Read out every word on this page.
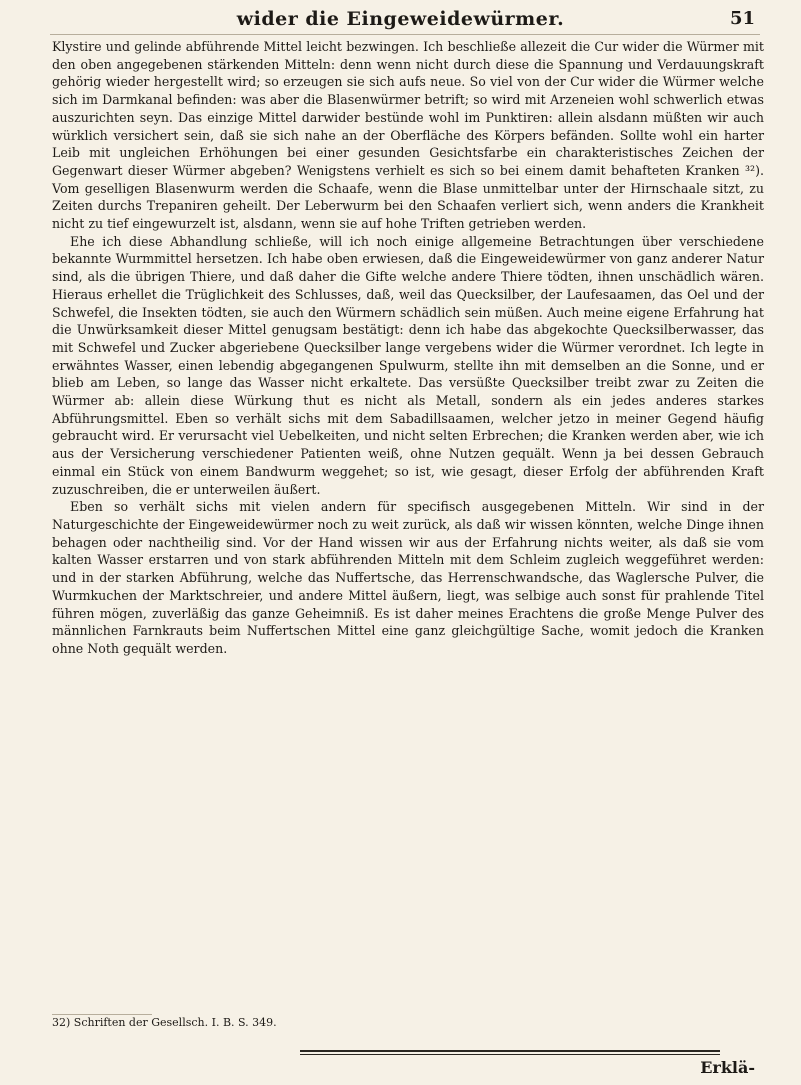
wider die Eingeweidewürmer.	51

Klystire und gelinde abführende Mittel leicht bezwingen. Ich beschließe allezeit die Cur wider die Würmer mit den oben angegebenen stärkenden Mitteln: denn wenn nicht durch diese die Spannung und Verdauungskraft gehörig wieder hergestellt wird; so erzeugen sie sich aufs neue. So viel von der Cur wider die Würmer welche sich im Darmkanal befinden: was aber die Blasenwürmer betrift; so wird mit Arzeneien wohl schwerlich etwas auszurichten seyn. Das einzige Mittel darwider bestünde wohl im Punktiren: allein alsdann müßten wir auch würklich versichert sein, daß sie sich nahe an der Oberfläche des Körpers befänden. Sollte wohl ein harter Leib mit ungleichen Erhöhungen bei einer gesunden Gesichtsfarbe ein charakteristisches Zeichen der Gegenwart dieser Würmer abgeben? Wenigstens verhielt es sich so bei einem damit behafteten Kranken ³²). Vom geselligen Blasenwurm werden die Schaafe, wenn die Blase unmittelbar unter der Hirnschaale sitzt, zu Zeiten durchs Trepaniren geheilt. Der Leberwurm bei den Schaafen verliert sich, wenn anders die Krankheit nicht zu tief eingewurzelt ist, alsdann, wenn sie auf hohe Triften getrieben werden.

Ehe ich diese Abhandlung schließe, will ich noch einige allgemeine Betrachtungen über verschiedene bekannte Wurmmittel hersetzen. Ich habe oben erwiesen, daß die Eingeweidewürmer von ganz anderer Natur sind, als die übrigen Thiere, und daß daher die Gifte welche andere Thiere tödten, ihnen unschädlich wären. Hieraus erhellet die Trüglichkeit des Schlusses, daß, weil das Quecksilber, der Laufesaamen, das Oel und der Schwefel, die Insekten tödten, sie auch den Würmern schädlich sein müßen. Auch meine eigene Erfahrung hat die Unwürksamkeit dieser Mittel genugsam bestätigt: denn ich habe das abgekochte Quecksilberwasser, das mit Schwefel und Zucker abgeriebene Quecksilber lange vergebens wider die Würmer verordnet. Ich legte in erwähntes Wasser, einen lebendig abgegangenen Spulwurm, stellte ihn mit demselben an die Sonne, und er blieb am Leben, so lange das Wasser nicht erkaltete. Das versüßte Quecksilber treibt zwar zu Zeiten die Würmer ab: allein diese Würkung thut es nicht als Metall, sondern als ein jedes anderes starkes Abführungsmittel. Eben so verhält sichs mit dem Sabadillsaamen, welcher jetzo in meiner Gegend häufig gebraucht wird. Er verursacht viel Uebelkeiten, und nicht selten Erbrechen; die Kranken werden aber, wie ich aus der Versicherung verschiedener Patienten weiß, ohne Nutzen gequält. Wenn ja bei dessen Gebrauch einmal ein Stück von einem Bandwurm weggehet; so ist, wie gesagt, dieser Erfolg der abführenden Kraft zuzuschreiben, die er unterweilen äußert.

Eben so verhält sichs mit vielen andern für specifisch ausgegebenen Mitteln. Wir sind in der Naturgeschichte der Eingeweidewürmer noch zu weit zurück, als daß wir wissen könnten, welche Dinge ihnen behagen oder nachtheilig sind. Vor der Hand wissen wir aus der Erfahrung nichts weiter, als daß sie vom kalten Wasser erstarren und von stark abführenden Mitteln mit dem Schleim zugleich weggeführet werden: und in der starken Abführung, welche das Nuffertsche, das Herrenschwandsche, das Waglersche Pulver, die Wurmkuchen der Marktschreier, und andere Mittel äußern, liegt, was selbige auch sonst für prahlende Titel führen mögen, zuverläßig das ganze Geheimniß. Es ist daher meines Erachtens die große Menge Pulver des männlichen Farnkrauts beim Nuffertschen Mittel eine ganz gleichgültige Sache, womit jedoch die Kranken ohne Noth gequält werden.

32) Schriften der Gesellsch. I. B. S. 349.
Erklä-
